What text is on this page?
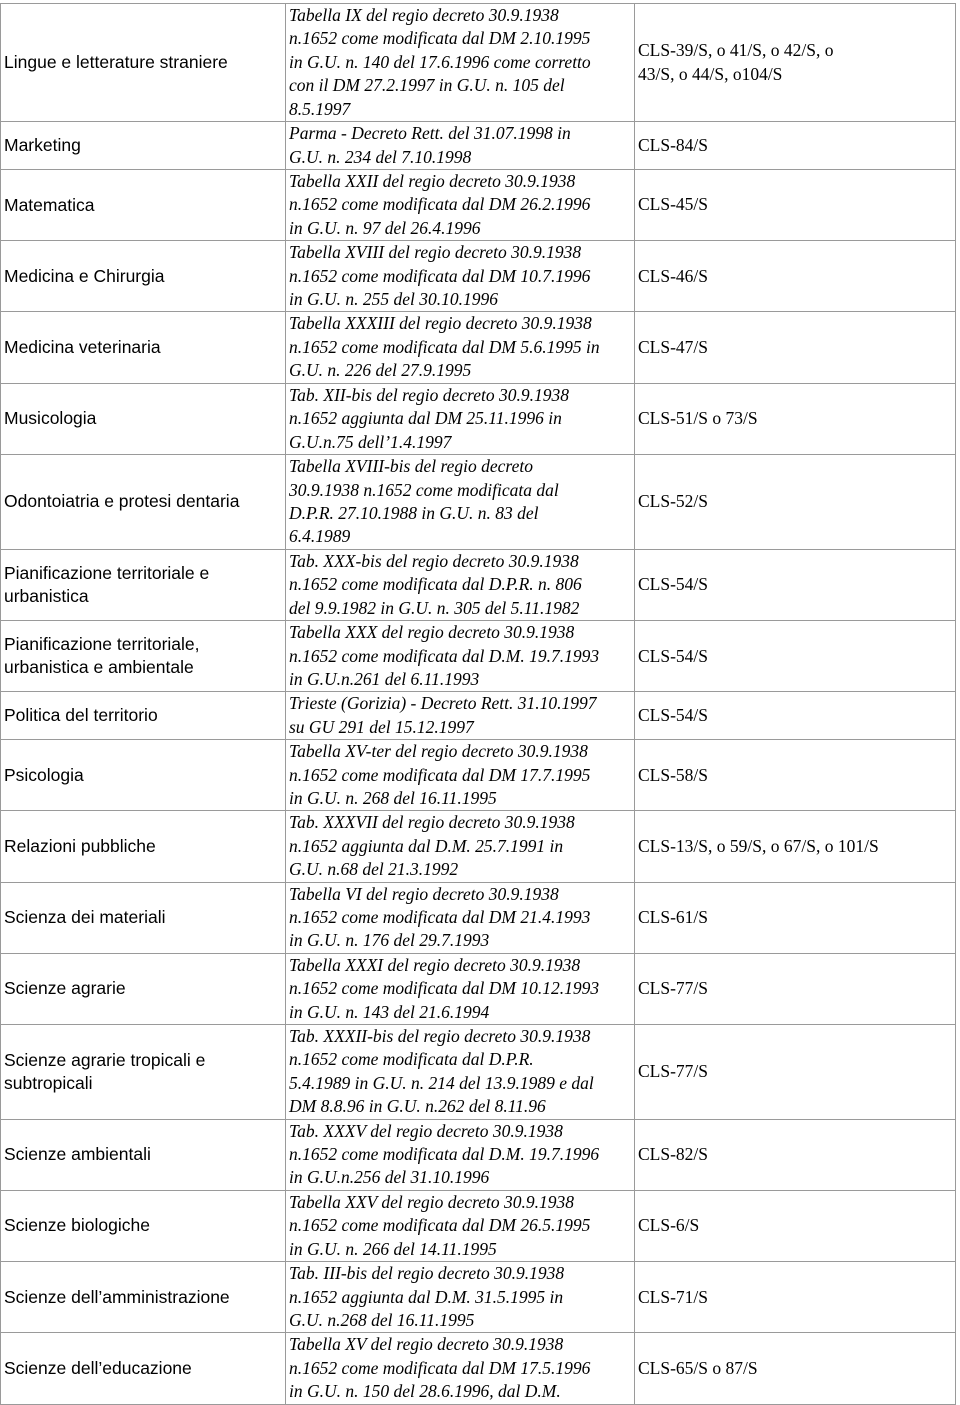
Lingue e letterature straniere	Tabella IX del regio decreto 30.9.1938
n.1652 come modificata dal DM 2.10.1995
in G.U. n. 140 del 17.6.1996 come corretto
con il DM 27.2.1997 in G.U. n. 105 del
8.5.1997	CLS-39/S, o 41/S, o 42/S, o
43/S, o 44/S, o104/S

Marketing	Parma - Decreto Rett. del 31.07.1998 in
G.U. n. 234 del 7.10.1998	CLS-84/S

Matematica	Tabella XXII del regio decreto 30.9.1938
n.1652 come modificata dal DM 26.2.1996
in G.U. n. 97 del 26.4.1996	CLS-45/S

Medicina e Chirurgia	Tabella XVIII del regio decreto 30.9.1938
n.1652 come modificata dal DM 10.7.1996
in G.U. n. 255 del 30.10.1996	CLS-46/S

Medicina veterinaria	Tabella XXXIII del regio decreto 30.9.1938
n.1652 come modificata dal DM 5.6.1995 in
G.U. n. 226 del 27.9.1995	CLS-47/S

Musicologia	Tab. XII-bis del regio decreto 30.9.1938
n.1652 aggiunta dal DM 25.11.1996 in
G.U.n.75 dell’1.4.1997	CLS-51/S o 73/S

Odontoiatria e protesi dentaria	Tabella XVIII-bis del regio decreto
30.9.1938 n.1652 come modificata dal
D.P.R. 27.10.1988 in G.U. n. 83 del
6.4.1989	CLS-52/S

Pianificazione territoriale e urbanistica	Tab. XXX-bis del regio decreto 30.9.1938
n.1652 come modificata dal D.P.R. n. 806
del 9.9.1982 in G.U. n. 305 del 5.11.1982	CLS-54/S

Pianificazione territoriale, urbanistica e ambientale	Tabella XXX del regio decreto 30.9.1938
n.1652 come modificata dal D.M. 19.7.1993
in G.U.n.261 del 6.11.1993	CLS-54/S

Politica del territorio	Trieste (Gorizia) - Decreto Rett. 31.10.1997
su GU 291 del 15.12.1997	CLS-54/S

Psicologia	Tabella XV-ter del regio decreto 30.9.1938
n.1652 come modificata dal DM 17.7.1995
in G.U. n. 268 del 16.11.1995	CLS-58/S

Relazioni pubbliche	Tab. XXXVII del regio decreto 30.9.1938
n.1652 aggiunta dal D.M. 25.7.1991 in
G.U. n.68 del 21.3.1992	CLS-13/S, o 59/S, o 67/S, o 101/S

Scienza dei materiali	Tabella VI del regio decreto 30.9.1938
n.1652 come modificata dal DM 21.4.1993
in G.U. n. 176 del 29.7.1993	CLS-61/S

Scienze agrarie	Tabella XXXI del regio decreto 30.9.1938
n.1652 come modificata dal DM 10.12.1993
in G.U. n. 143 del 21.6.1994	CLS-77/S

Scienze agrarie tropicali e subtropicali	Tab. XXXII-bis del regio decreto 30.9.1938
n.1652 come modificata dal D.P.R.
5.4.1989 in G.U. n. 214 del 13.9.1989 e dal
DM 8.8.96 in G.U. n.262 del 8.11.96	CLS-77/S

Scienze ambientali	Tab. XXXV del regio decreto 30.9.1938
n.1652 come modificata dal D.M. 19.7.1996
in G.U.n.256 del 31.10.1996	CLS-82/S

Scienze biologiche	Tabella XXV del regio decreto 30.9.1938
n.1652 come modificata dal DM 26.5.1995
in G.U. n. 266 del 14.11.1995	CLS-6/S

Scienze dell’amministrazione	Tab. III-bis del regio decreto 30.9.1938
n.1652 aggiunta dal D.M. 31.5.1995 in
G.U. n.268 del 16.11.1995	CLS-71/S

Scienze dell’educazione	Tabella XV del regio decreto 30.9.1938
n.1652 come modificata dal DM 17.5.1996
in G.U. n. 150 del 28.6.1996, dal D.M.	CLS-65/S o 87/S
